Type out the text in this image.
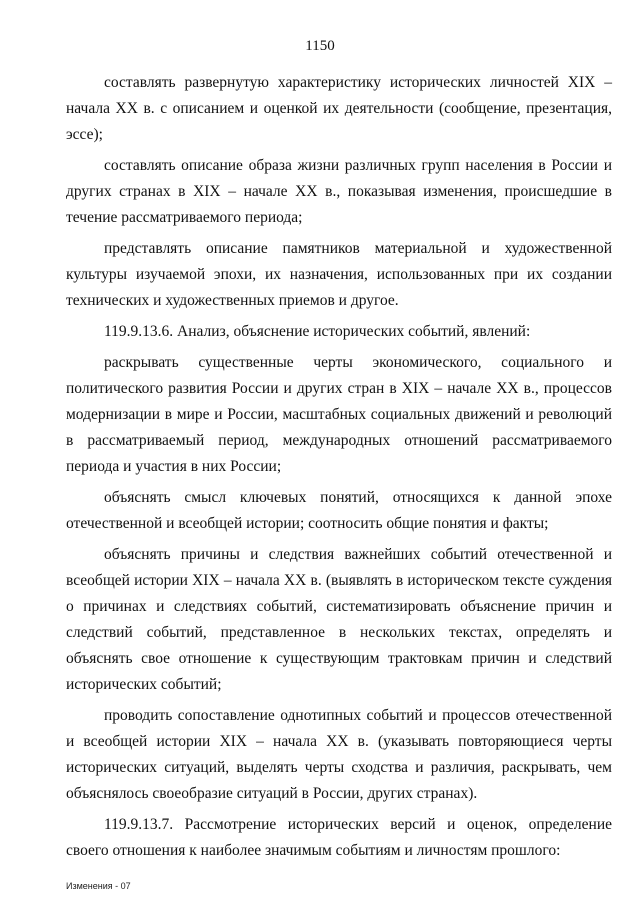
1150

составлять развернутую характеристику исторических личностей XIX – начала XX в. с описанием и оценкой их деятельности (сообщение, презентация, эссе);

составлять описание образа жизни различных групп населения в России и других странах в XIX – начале XX в., показывая изменения, происшедшие в течение рассматриваемого периода;

представлять описание памятников материальной и художественной культуры изучаемой эпохи, их назначения, использованных при их создании технических и художественных приемов и другое.

119.9.13.6. Анализ, объяснение исторических событий, явлений:

раскрывать существенные черты экономического, социального и политического развития России и других стран в XIX – начале XX в., процессов модернизации в мире и России, масштабных социальных движений и революций в рассматриваемый период, международных отношений рассматриваемого периода и участия в них России;

объяснять смысл ключевых понятий, относящихся к данной эпохе отечественной и всеобщей истории; соотносить общие понятия и факты;

объяснять причины и следствия важнейших событий отечественной и всеобщей истории XIX – начала XX в. (выявлять в историческом тексте суждения о причинах и следствиях событий, систематизировать объяснение причин и следствий событий, представленное в нескольких текстах, определять и объяснять свое отношение к существующим трактовкам причин и следствий исторических событий;

проводить сопоставление однотипных событий и процессов отечественной и всеобщей истории XIX – начала XX в. (указывать повторяющиеся черты исторических ситуаций, выделять черты сходства и различия, раскрывать, чем объяснялось своеобразие ситуаций в России, других странах).

119.9.13.7. Рассмотрение исторических версий и оценок, определение своего отношения к наиболее значимым событиям и личностям прошлого:

Изменения - 07
